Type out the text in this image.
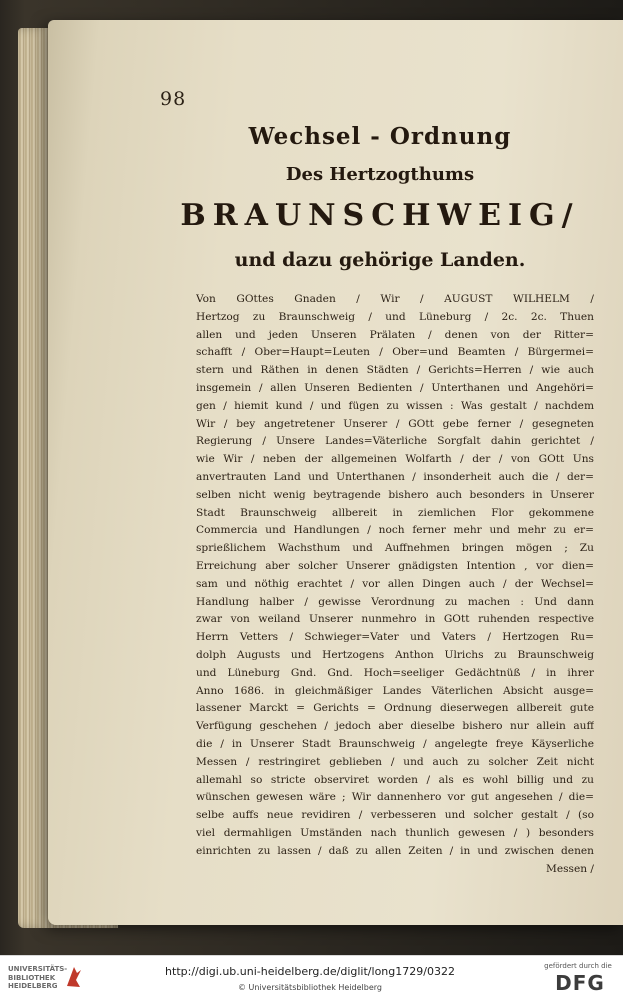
98
Wechsel - Ordnung
Des Hertzogthums
BRAUNSCHWEIG/
und dazu gehörige Landen.
Von GOttes Gnaden / Wir / AUGUST WILHELM /
Hertzog zu Braunschweig / und Lüneburg / 2c. 2c. Thuen
allen und jeden Unseren Prälaten / denen von der Ritter=
schafft / Ober=Haupt=Leuten / Ober=und Beamten / Bürgermei=
stern und Räthen in denen Städten / Gerichts=Herren / wie auch
insgemein / allen Unseren Bedienten / Unterthanen und Angehöri=
gen / hiemit kund / und fügen zu wissen : Was gestalt / nachdem
Wir / bey angetretener Unserer / GOtt gebe ferner / gesegneten
Regierung / Unsere Landes=Väterliche Sorgfalt dahin gerichtet /
wie Wir / neben der allgemeinen Wolfarth / der / von GOtt Uns
anvertrauten Land und Unterthanen / insonderheit auch die / der=
selben nicht wenig beytragende bishero auch besonders in Unserer
Stadt Braunschweig allbereit in ziemlichen Flor gekommene
Commercia und Handlungen / noch ferner mehr und mehr zu er=
sprießlichem Wachsthum und Auffnehmen bringen mögen ; Zu
Erreichung aber solcher Unserer gnädigsten Intention , vor dien=
sam und nöthig erachtet / vor allen Dingen auch / der Wechsel=
Handlung halber / gewisse Verordnung zu machen : Und dann
zwar von weiland Unserer nunmehro in GOtt ruhenden respective
Herrn Vetters / Schwieger=Vater und Vaters / Hertzogen Ru=
dolph Augusts und Hertzogens Anthon Ulrichs zu Braunschweig
und Lüneburg Gnd. Gnd. Hoch=seeliger Gedächtnüß / in ihrer
Anno 1686. in gleichmäßiger Landes Väterlichen Absicht ausge=
lassener Marckt = Gerichts = Ordnung dieserwegen allbereit gute
Verfügung geschehen / jedoch aber dieselbe bishero nur allein auff
die / in Unserer Stadt Braunschweig / angelegte freye Käyserliche
Messen / restringiret geblieben / und auch zu solcher Zeit nicht
allemahl so stricte observiret worden / als es wohl billig und zu
wünschen gewesen wäre ; Wir dannenhero vor gut angesehen / die=
selbe auffs neue revidiren / verbesseren und solcher gestalt / (so
viel dermahligen Umständen nach thunlich gewesen / ) besonders
einrichten zu lassen / daß zu allen Zeiten / in und zwischen denen
Messen /
UNIVERSITÄTS-
BIBLIOTHEK
HEIDELBERG
http://digi.ub.uni-heidelberg.de/diglit/long1729/0322
© Universitätsbibliothek Heidelberg
gefördert durch die
DFG
